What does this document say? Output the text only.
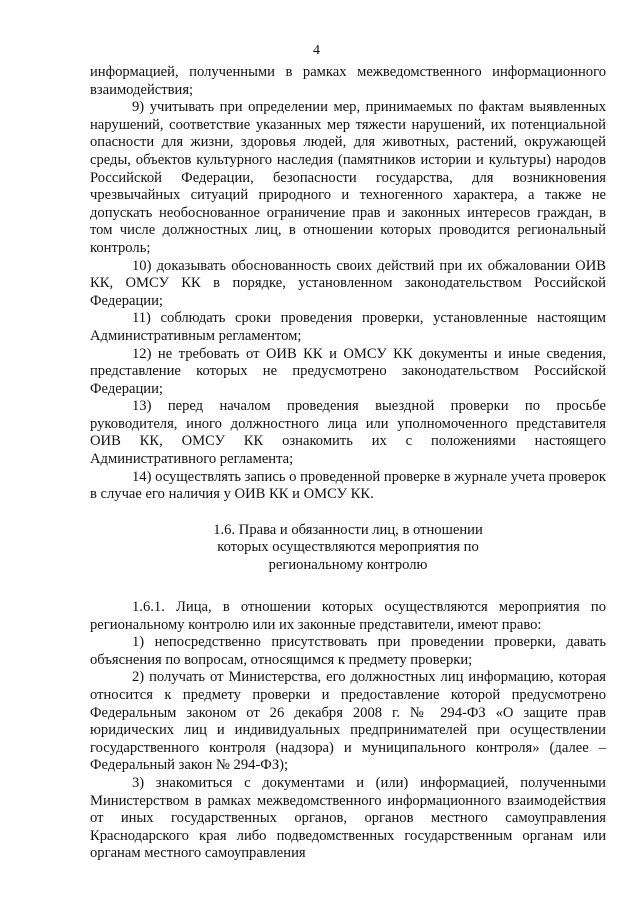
4

информацией, полученными в рамках межведомственного информационного взаимодействия;

9) учитывать при определении мер, принимаемых по фактам выявленных нарушений, соответствие указанных мер тяжести нарушений, их потенциальной опасности для жизни, здоровья людей, для животных, растений, окружающей среды, объектов культурного наследия (памятников истории и культуры) народов Российской Федерации, безопасности государства, для возникновения чрезвычайных ситуаций природного и техногенного характера, а также не допускать необоснованное ограничение прав и законных интересов граждан, в том числе должностных лиц, в отношении которых проводится региональный контроль;

10) доказывать обоснованность своих действий при их обжаловании ОИВ КК, ОМСУ КК в порядке, установленном законодательством Российской Федерации;

11) соблюдать сроки проведения проверки, установленные настоящим Административным регламентом;

12) не требовать от ОИВ КК и ОМСУ КК документы и иные сведения, представление которых не предусмотрено законодательством Российской Федерации;

13) перед началом проведения выездной проверки по просьбе руководителя, иного должностного лица или уполномоченного представителя ОИВ КК, ОМСУ КК ознакомить их с положениями настоящего Административного регламента;

14) осуществлять запись о проведенной проверке в журнале учета проверок в случае его наличия у ОИВ КК и ОМСУ КК.

1.6. Права и обязанности лиц, в отношении

которых осуществляются мероприятия по

региональному контролю

1.6.1. Лица, в отношении которых осуществляются мероприятия по региональному контролю или их законные представители, имеют право:

1) непосредственно присутствовать при проведении проверки, давать объяснения по вопросам, относящимся к предмету проверки;

2) получать от Министерства, его должностных лиц информацию, которая относится к предмету проверки и предоставление которой предусмотрено Федеральным законом от 26 декабря 2008 г. № 294-ФЗ «О защите прав юридических лиц и индивидуальных предпринимателей при осуществлении государственного контроля (надзора) и муниципального контроля» (далее – Федеральный закон № 294-ФЗ);

3) знакомиться с документами и (или) информацией, полученными Министерством в рамках межведомственного информационного взаимодействия от иных государственных органов, органов местного самоуправления Краснодарского края либо подведомственных государственным органам или органам местного самоуправления
